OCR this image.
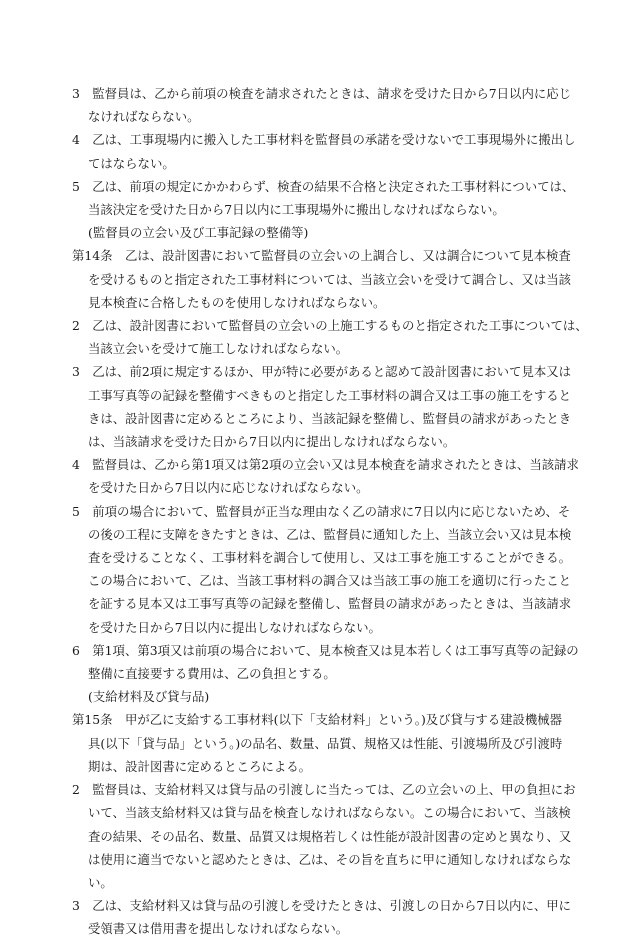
3　監督員は、乙から前項の検査を請求されたときは、請求を受けた日から7日以内に応じ
なければならない。
4　乙は、工事現場内に搬入した工事材料を監督員の承諾を受けないで工事現場外に搬出し
てはならない。
5　乙は、前項の規定にかかわらず、検査の結果不合格と決定された工事材料については、
当該決定を受けた日から7日以内に工事現場外に搬出しなければならない。
(監督員の立会い及び工事記録の整備等)
第14条　乙は、設計図書において監督員の立会いの上調合し、又は調合について見本検査
を受けるものと指定された工事材料については、当該立会いを受けて調合し、又は当該
見本検査に合格したものを使用しなければならない。
2　乙は、設計図書において監督員の立会いの上施工するものと指定された工事については、
当該立会いを受けて施工しなければならない。
3　乙は、前2項に規定するほか、甲が特に必要があると認めて設計図書において見本又は
工事写真等の記録を整備すべきものと指定した工事材料の調合又は工事の施工をすると
きは、設計図書に定めるところにより、当該記録を整備し、監督員の請求があったとき
は、当該請求を受けた日から7日以内に提出しなければならない。
4　監督員は、乙から第1項又は第2項の立会い又は見本検査を請求されたときは、当該請求
を受けた日から7日以内に応じなければならない。
5　前項の場合において、監督員が正当な理由なく乙の請求に7日以内に応じないため、そ
の後の工程に支障をきたすときは、乙は、監督員に通知した上、当該立会い又は見本検
査を受けることなく、工事材料を調合して使用し、又は工事を施工することができる。
この場合において、乙は、当該工事材料の調合又は当該工事の施工を適切に行ったこと
を証する見本又は工事写真等の記録を整備し、監督員の請求があったときは、当該請求
を受けた日から7日以内に提出しなければならない。
6　第1項、第3項又は前項の場合において、見本検査又は見本若しくは工事写真等の記録の
整備に直接要する費用は、乙の負担とする。
(支給材料及び貸与品)
第15条　甲が乙に支給する工事材料(以下「支給材料」という。)及び貸与する建設機械器
具(以下「貸与品」という。)の品名、数量、品質、規格又は性能、引渡場所及び引渡時
期は、設計図書に定めるところによる。
2　監督員は、支給材料又は貸与品の引渡しに当たっては、乙の立会いの上、甲の負担にお
いて、当該支給材料又は貸与品を検査しなければならない。この場合において、当該検
査の結果、その品名、数量、品質又は規格若しくは性能が設計図書の定めと異なり、又
は使用に適当でないと認めたときは、乙は、その旨を直ちに甲に通知しなければならな
い。
3　乙は、支給材料又は貸与品の引渡しを受けたときは、引渡しの日から7日以内に、甲に
受領書又は借用書を提出しなければならない。
